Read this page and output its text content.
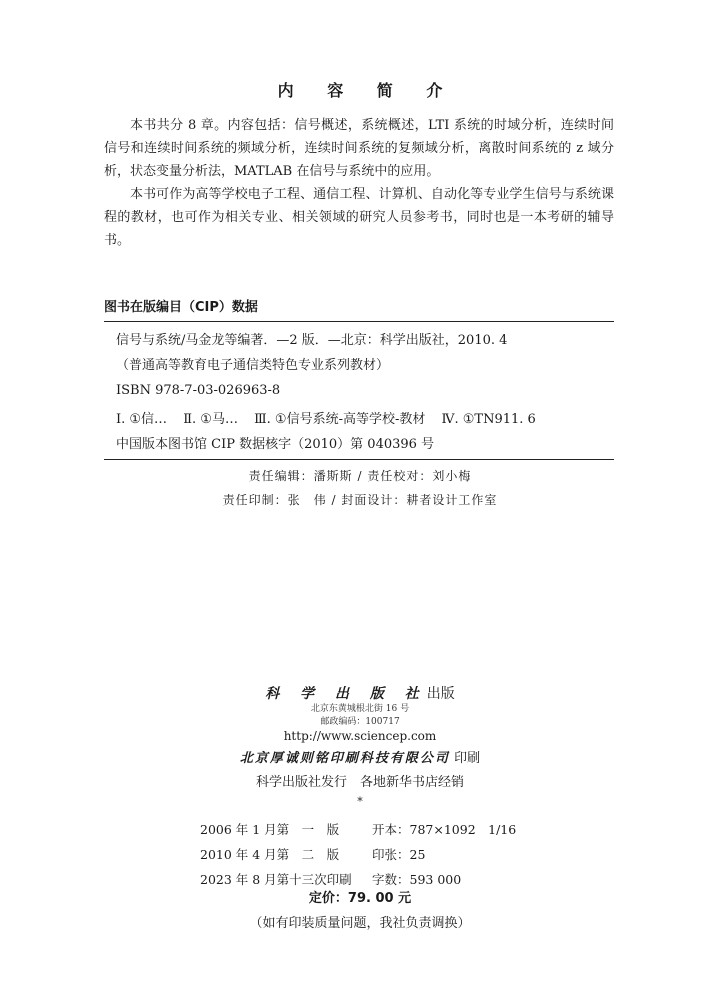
内 容 简 介

本书共分 8 章。内容包括：信号概述，系统概述，LTI 系统的时域分析，连续时间信号和连续时间系统的频域分析，连续时间系统的复频域分析，离散时间系统的 z 域分析，状态变量分析法，MATLAB 在信号与系统中的应用。

本书可作为高等学校电子工程、通信工程、计算机、自动化等专业学生信号与系统课程的教材，也可作为相关专业、相关领域的研究人员参考书，同时也是一本考研的辅导书。

图书在版编目（CIP）数据
信号与系统/马金龙等编著．—2 版．—北京：科学出版社，2010. 4
（普通高等教育电子通信类特色专业系列教材）
ISBN 978-7-03-026963-8
Ⅰ. ①信… Ⅱ. ①马… Ⅲ. ①信号系统-高等学校-教材 Ⅳ. ①TN911. 6
中国版本图书馆 CIP 数据核字（2010）第 040396 号
责任编辑：潘斯斯 / 责任校对：刘小梅
责任印制：张　伟 / 封面设计：耕者设计工作室
科 学 出 版 社出版
北京东黄城根北街 16 号
邮政编码：100717
http://www.sciencep.com
北京厚诚则铭印刷科技有限公司 印刷
科学出版社发行　各地新华书店经销
*
2006 年 1 月第　一　版	开本：787×1092　1/16
2010 年 4 月第　二　版	印张：25
2023 年 8 月第十三次印刷 字数：593 000
定价：79. 00 元
（如有印装质量问题，我社负责调换）
